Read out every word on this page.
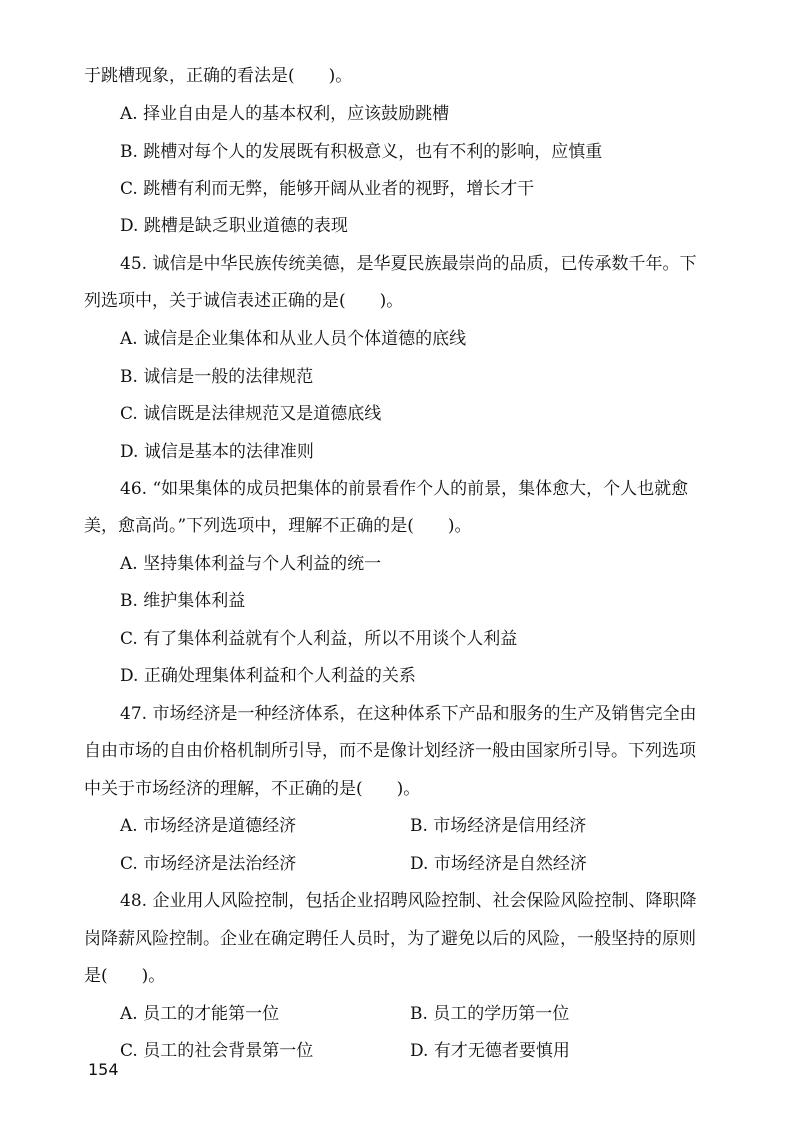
于跳槽现象，正确的看法是(　　)。
A. 择业自由是人的基本权利，应该鼓励跳槽
B. 跳槽对每个人的发展既有积极意义，也有不利的影响，应慎重
C. 跳槽有利而无弊，能够开阔从业者的视野，增长才干
D. 跳槽是缺乏职业道德的表现
45. 诚信是中华民族传统美德，是华夏民族最崇尚的品质，已传承数千年。下
列选项中，关于诚信表述正确的是(　　)。
A. 诚信是企业集体和从业人员个体道德的底线
B. 诚信是一般的法律规范
C. 诚信既是法律规范又是道德底线
D. 诚信是基本的法律准则
46. “如果集体的成员把集体的前景看作个人的前景，集体愈大，个人也就愈
美，愈高尚。”下列选项中，理解不正确的是(　　)。
A. 坚持集体利益与个人利益的统一
B. 维护集体利益
C. 有了集体利益就有个人利益，所以不用谈个人利益
D. 正确处理集体利益和个人利益的关系
47. 市场经济是一种经济体系，在这种体系下产品和服务的生产及销售完全由
自由市场的自由价格机制所引导，而不是像计划经济一般由国家所引导。下列选项
中关于市场经济的理解，不正确的是(　　)。
A. 市场经济是道德经济	B. 市场经济是信用经济
C. 市场经济是法治经济	D. 市场经济是自然经济
48. 企业用人风险控制，包括企业招聘风险控制、社会保险风险控制、降职降
岗降薪风险控制。企业在确定聘任人员时，为了避免以后的风险，一般坚持的原则
是(　　)。
A. 员工的才能第一位	B. 员工的学历第一位
C. 员工的社会背景第一位	D. 有才无德者要慎用
154
